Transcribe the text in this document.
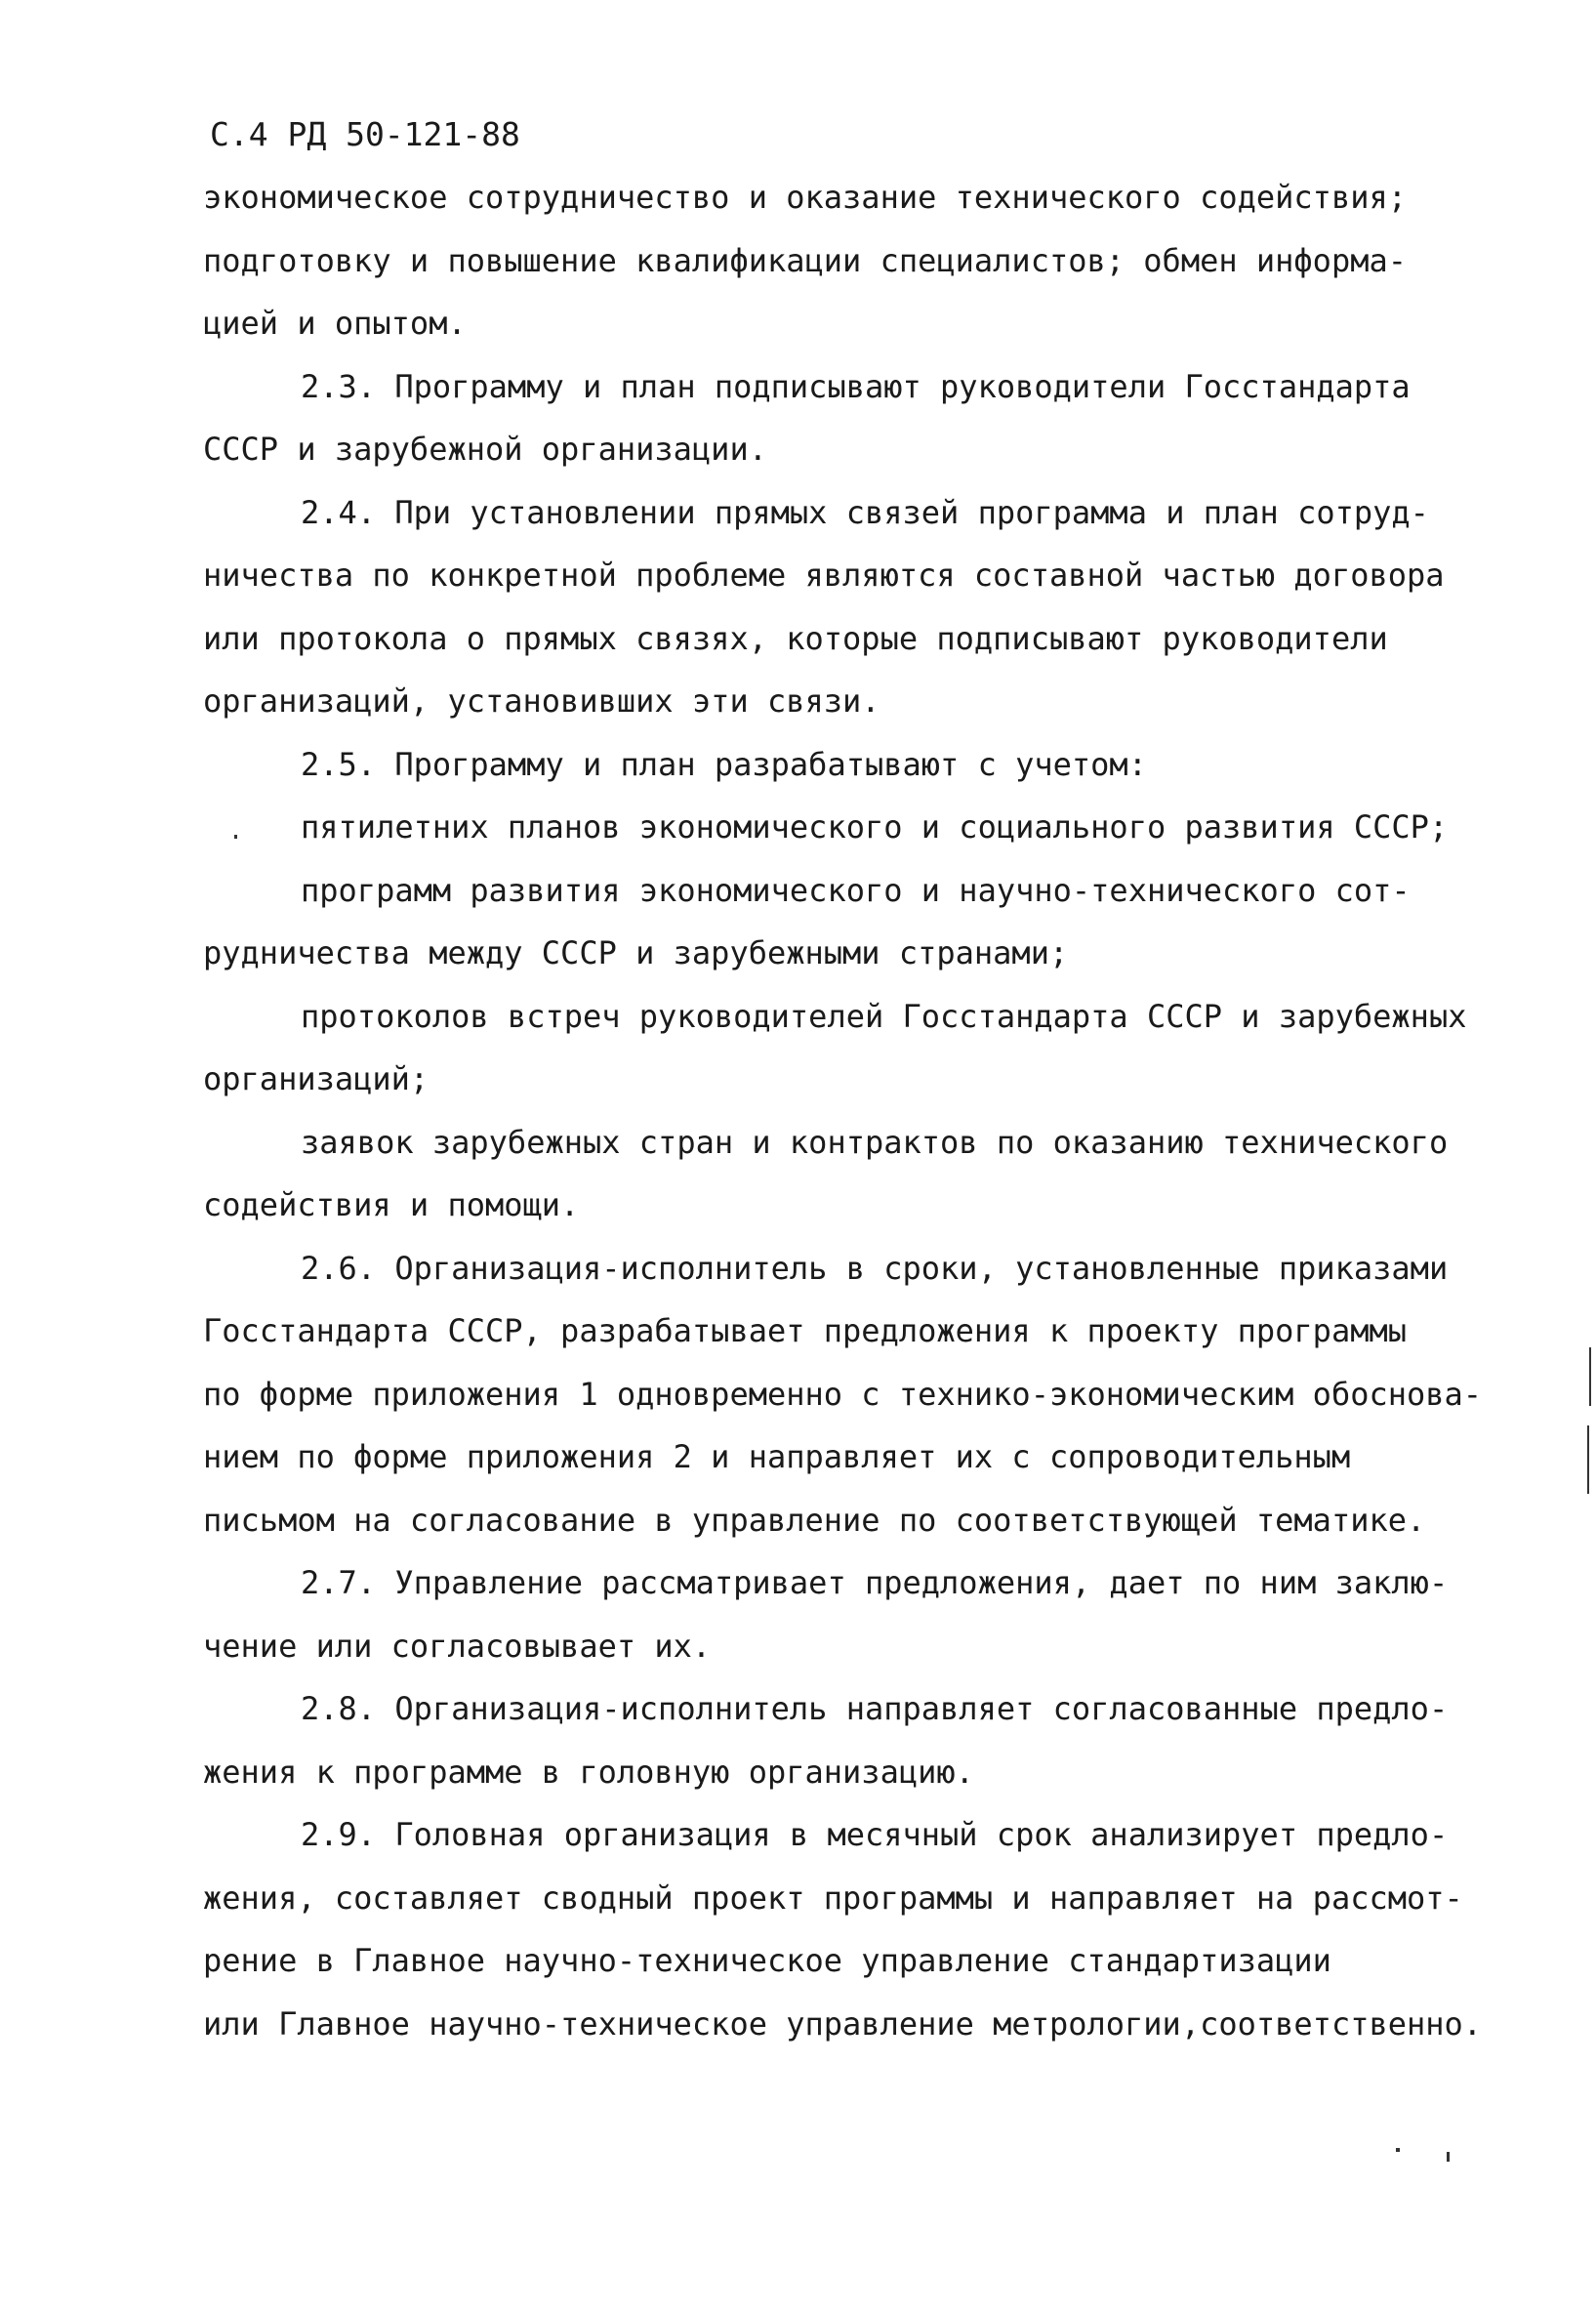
С.4 РД 50-121-88
экономическое сотрудничество и оказание технического содействия;
подготовку и повышение квалификации специалистов; обмен информа-
цией и опытом.
2.3. Программу и план подписывают руководители Госстандарта
СССР и зарубежной организации.
2.4. При установлении прямых связей программа и план сотруд-
ничества по конкретной проблеме являются составной частью договора
или протокола о прямых связях, которые подписывают руководители
организаций, установивших эти связи.
2.5. Программу и план разрабатывают с учетом:
пятилетних планов экономического и социального развития СССР;
программ развития экономического и научно-технического сот-
рудничества между СССР и зарубежными странами;
протоколов встреч руководителей Госстандарта СССР и зарубежных
организаций;
заявок зарубежных стран и контрактов по оказанию технического
содействия и помощи.
2.6. Организация-исполнитель в сроки, установленные приказами
Госстандарта СССР, разрабатывает предложения к проекту программы
по форме приложения 1 одновременно с технико-экономическим обоснова-
нием по форме приложения 2 и направляет их с сопроводительным
письмом на согласование в управление по соответствующей тематике.
2.7. Управление рассматривает предложения, дает по ним заклю-
чение или согласовывает их.
2.8. Организация-исполнитель направляет согласованные предло-
жения к программе в головную организацию.
2.9. Головная организация в месячный срок анализирует предло-
жения, составляет сводный проект программы и направляет на рассмот-
рение в Главное научно-техническое управление стандартизации
или Главное научно-техническое управление метрологии,соответственно.
